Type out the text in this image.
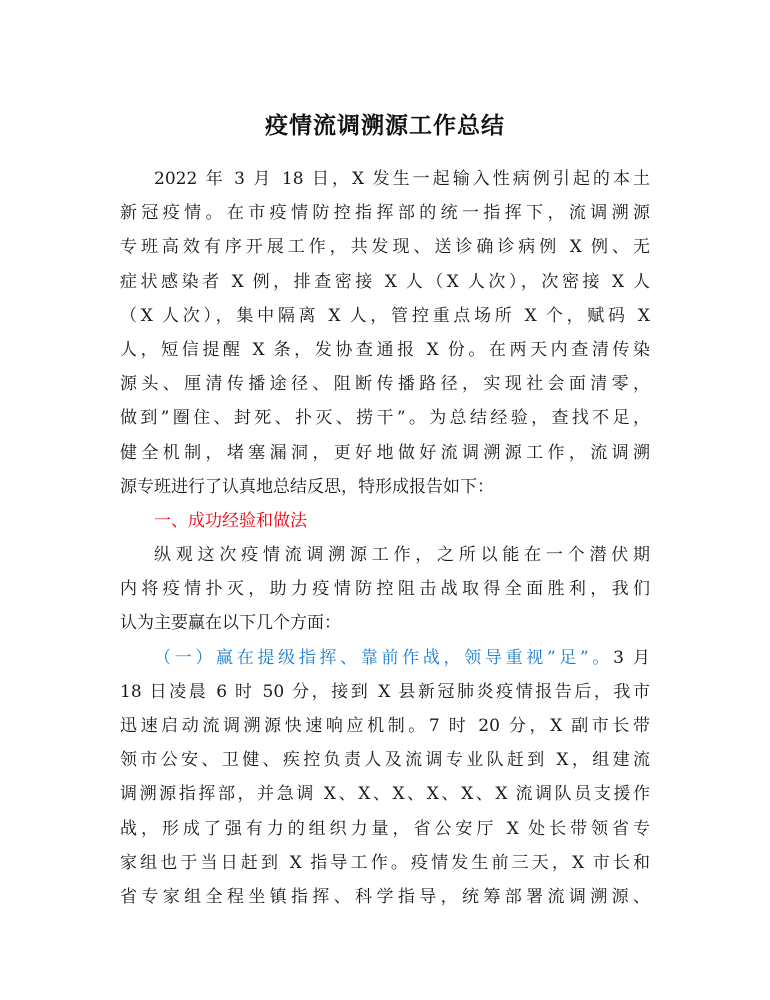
疫情流调溯源工作总结
2022 年 3 月 18 日，X 发生一起输入性病例引起的本土
新冠疫情。在市疫情防控指挥部的统一指挥下，流调溯源
专班高效有序开展工作，共发现、送诊确诊病例 X 例、无
症状感染者 X 例，排查密接 X 人（X 人次），次密接 X 人
（X 人次），集中隔离 X 人，管控重点场所 X 个，赋码 X
人，短信提醒 X 条，发协查通报 X 份。在两天内查清传染
源头、厘清传播途径、阻断传播路径，实现社会面清零，
做到”圈住、封死、扑灭、捞干”。为总结经验，查找不足，
健全机制，堵塞漏洞，更好地做好流调溯源工作，流调溯
源专班进行了认真地总结反思，特形成报告如下：
一、成功经验和做法
纵观这次疫情流调溯源工作，之所以能在一个潜伏期
内将疫情扑灭，助力疫情防控阻击战取得全面胜利，我们
认为主要赢在以下几个方面：
（一）赢在提级指挥、靠前作战，领导重视”足”。3 月
18 日凌晨 6 时 50 分，接到 X 县新冠肺炎疫情报告后，我市
迅速启动流调溯源快速响应机制。7 时 20 分，X 副市长带
领市公安、卫健、疾控负责人及流调专业队赶到 X，组建流
调溯源指挥部，并急调 X、X、X、X、X、X 流调队员支援作
战，形成了强有力的组织力量，省公安厅 X 处长带领省专
家组也于当日赶到 X 指导工作。疫情发生前三天，X 市长和
省专家组全程坐镇指挥、科学指导，统筹部署流调溯源、
